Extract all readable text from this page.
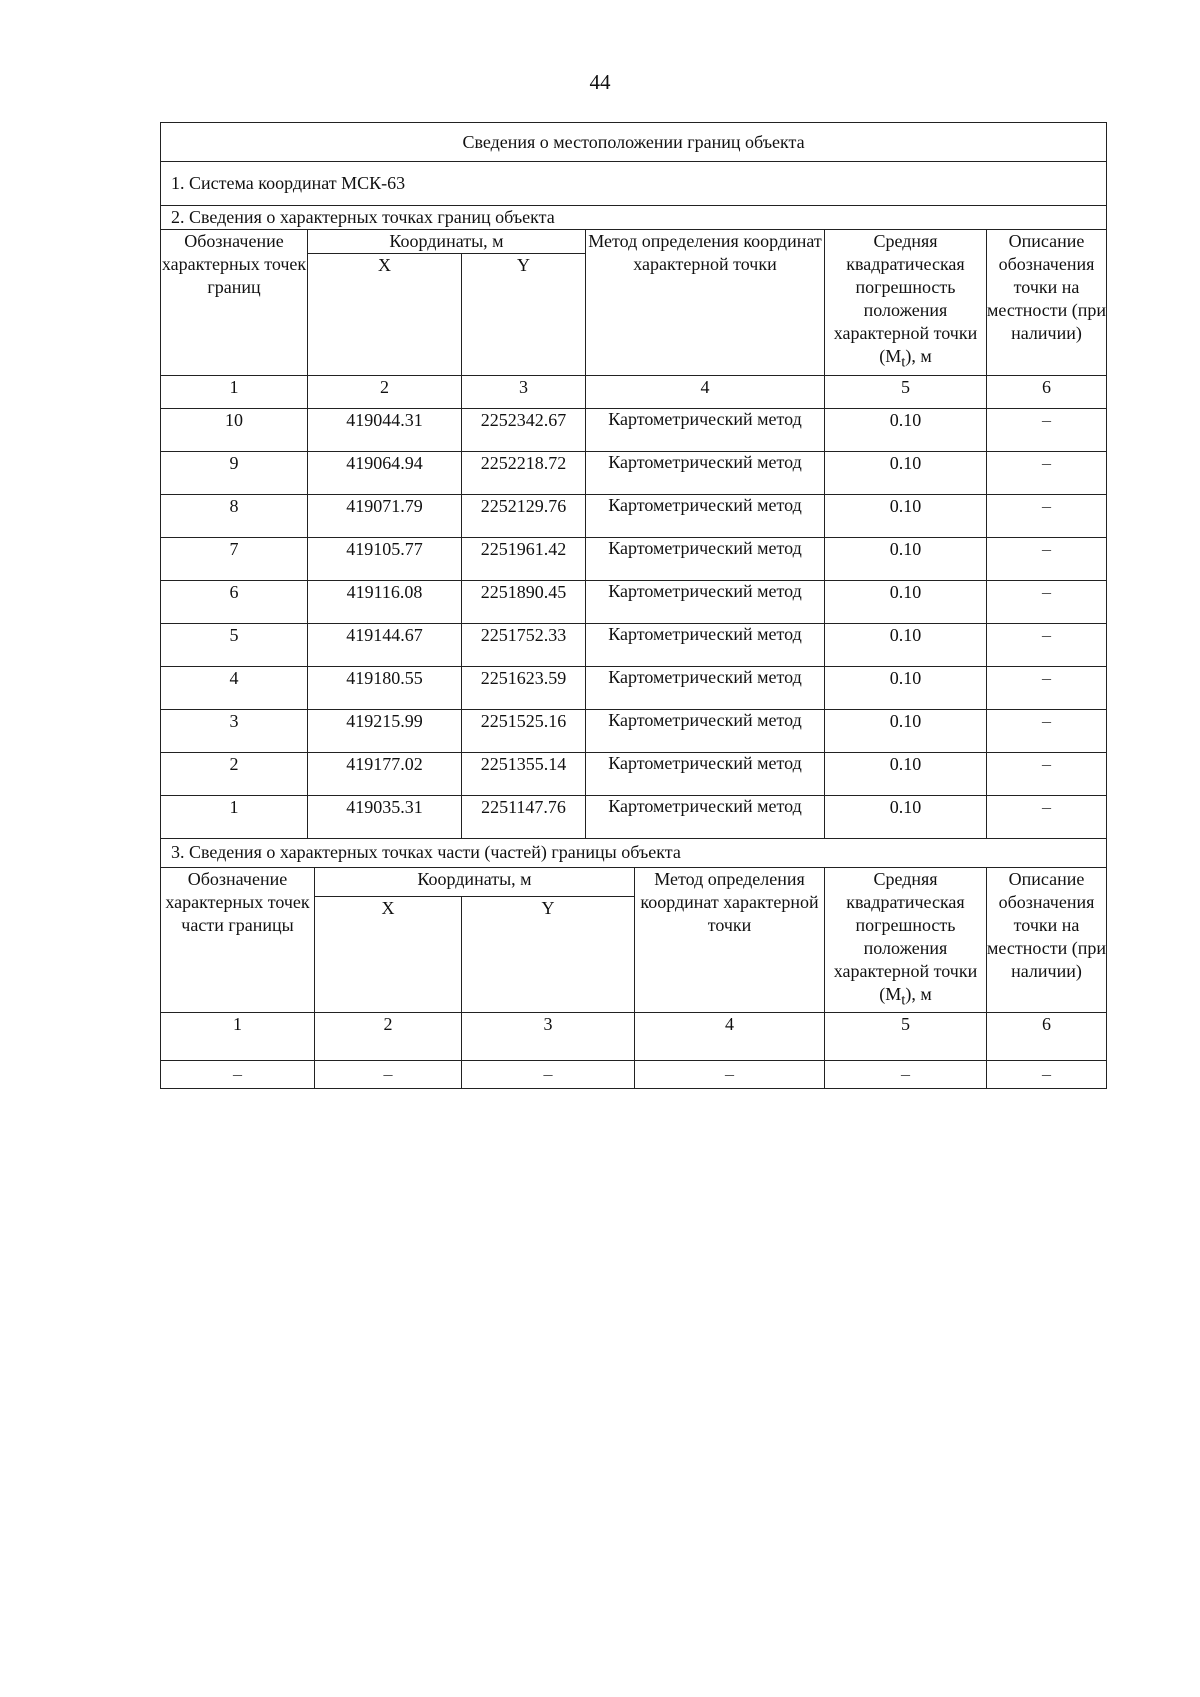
44
Сведения о местоположении границ объекта							
1. Система координат МСК-63							
2. Сведения о характерных точках границ объекта							
Обозначение характерных точек границ	Координаты, м			Метод определения координат характерной точки		Средняя квадратическая погрешность положения характерной точки $(M_t)$, м	Описание обозначения точки на местности (при наличии)
	X		Y				
1	2		3	4		5	6
10	419044.31		2252342.67	Картометрический метод		0.10	–
9	419064.94		2252218.72	Картометрический метод		0.10	–
8	419071.79		2252129.76	Картометрический метод		0.10	–
7	419105.77		2251961.42	Картометрический метод		0.10	–
6	419116.08		2251890.45	Картометрический метод		0.10	–
5	419144.67		2251752.33	Картометрический метод		0.10	–
4	419180.55		2251623.59	Картометрический метод		0.10	–
3	419215.99		2251525.16	Картометрический метод		0.10	–
2	419177.02		2251355.14	Картометрический метод		0.10	–
1	419035.31		2251147.76	Картометрический метод		0.10	–
3. Сведения о характерных точках части (частей) границы объекта							
Обозначение характерных точек части границы		Координаты, м			Метод определения координат характерной точки	Средняя квадратическая погрешность положения характерной точки $(M_t)$, м	Описание обозначения точки на местности (при наличии)
		X	Y				
1		2	3		4	5	6
–		–	–		–	–	–
